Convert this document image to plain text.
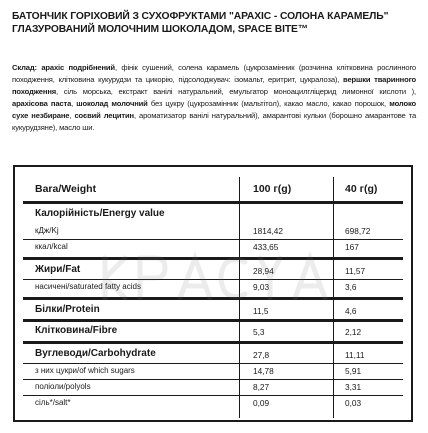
БАТОНЧИК ГОРІХОВИЙ З СУХОФРУКТАМИ "АРАХІС - СОЛОНА КАРАМЕЛЬ"
ГЛАЗУРОВАНИЙ МОЛОЧНИМ ШОКОЛАДОМ, SPACE BITE™
Склад: арахіс подрібнений, фінік сушений, солена карамель (цукрозамінник (розчинна клітковина рослинного походження, клітковина кукурудзи та цикорію, підсолоджувач: ізомальт, еритрит, цукралоза), вершки тваринного походження, сіль морська, екстракт ванілі натуральний, емульгатор моноацилгліцерид лимонної кислоти ), арахісова паста, шоколад молочний без цукру (цукрозамінник (мальтітол), какао масло, какао порошок, молоко сухе незбиране, соєвий лецитин, ароматизатор ванілі натуральний), амарантові кульки (борошно амарантове та кукурудзяне), масло ши.
Bara/Weight	100 г(g)	40 г(g)
Калорійність/Energy value
кДж/Kj	1814,42	698,72
ккал/kcal	433,65	167
Жири/Fat	28,94	11,57
насичені/saturated fatty acids	9,03	3,6
Білки/Protein	11,5	4,6
Клітковина/Fibre	5,3	2,12
Вуглеводи/Carbohydrate	27,8	11,11
з них цукри/of which sugars	14,78	5,91
поліоли/polyols	8,27	3,31
сіль*/salt*	0,09	0,03
